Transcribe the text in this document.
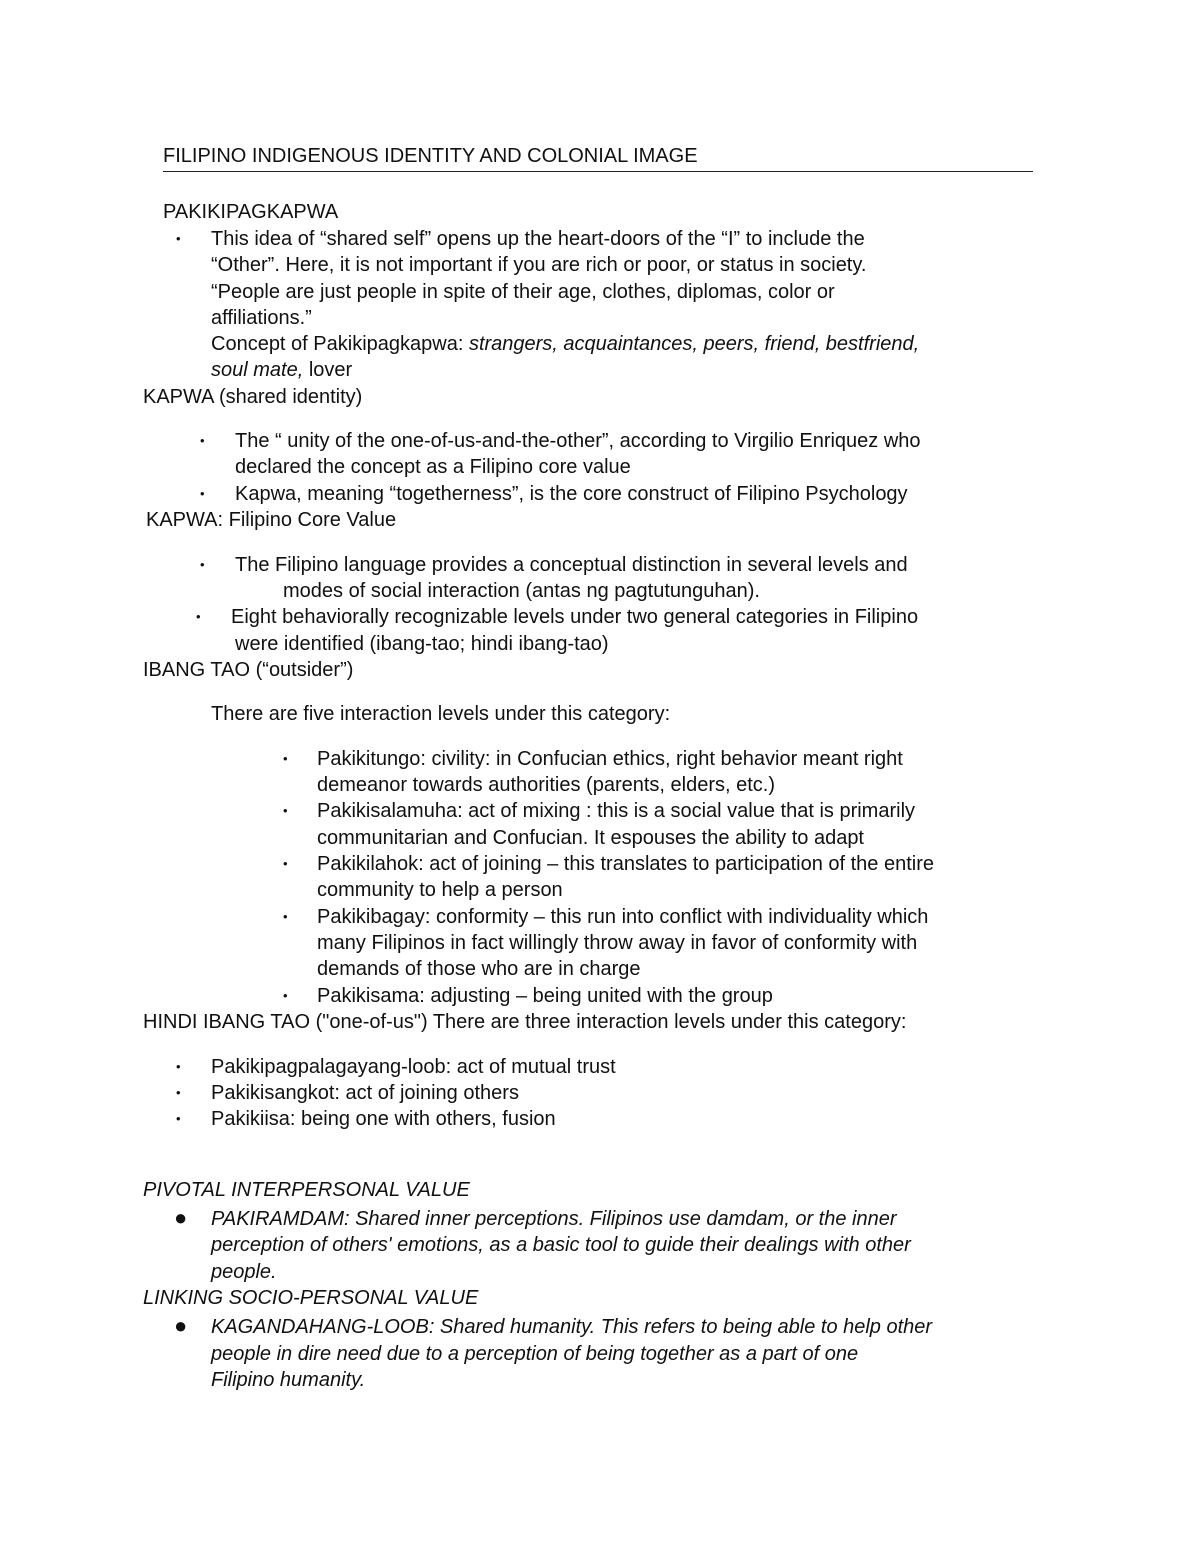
FILIPINO INDIGENOUS IDENTITY AND COLONIAL IMAGE
PAKIKIPAGKAPWA
• This idea of “shared self” opens up the heart-doors of the “I” to include the
“Other”. Here, it is not important if you are rich or poor, or status in society.
“People are just people in spite of their age, clothes, diplomas, color or
affiliations.”
Concept of Pakikipagkapwa: strangers, acquaintances, peers, friend, bestfriend,
soul mate, lover
KAPWA (shared identity)
• The “ unity of the one-of-us-and-the-other”, according to Virgilio Enriquez who
declared the concept as a Filipino core value
• Kapwa, meaning “togetherness”, is the core construct of Filipino Psychology
KAPWA: Filipino Core Value
• The Filipino language provides a conceptual distinction in several levels and
modes of social interaction (antas ng pagtutunguhan).
• Eight behaviorally recognizable levels under two general categories in Filipino
were identified (ibang-tao; hindi ibang-tao)
IBANG TAO (“outsider”)
There are five interaction levels under this category:
• Pakikitungo: civility: in Confucian ethics, right behavior meant right
demeanor towards authorities (parents, elders, etc.)
• Pakikisalamuha: act of mixing : this is a social value that is primarily
communitarian and Confucian. It espouses the ability to adapt
• Pakikilahok: act of joining – this translates to participation of the entire
community to help a person
• Pakikibagay: conformity – this run into conflict with individuality which
many Filipinos in fact willingly throw away in favor of conformity with
demands of those who are in charge
• Pakikisama: adjusting – being united with the group
HINDI IBANG TAO ("one-of-us") There are three interaction levels under this category:
• Pakikipagpalagayang-loob: act of mutual trust
• Pakikisangkot: act of joining others
• Pakikiisa: being one with others, fusion
PIVOTAL INTERPERSONAL VALUE
● PAKIRAMDAM: Shared inner perceptions. Filipinos use damdam, or the inner
perception of others' emotions, as a basic tool to guide their dealings with other
people.
LINKING SOCIO-PERSONAL VALUE
● KAGANDAHANG-LOOB: Shared humanity. This refers to being able to help other
people in dire need due to a perception of being together as a part of one
Filipino humanity.
